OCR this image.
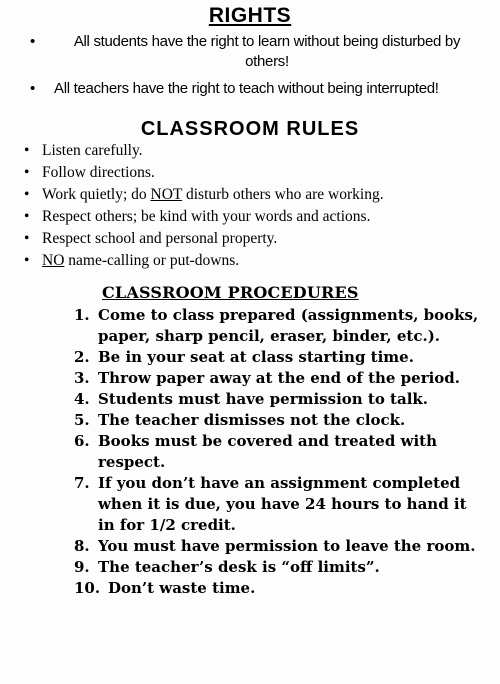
RIGHTS
•	All students have the right to learn without being disturbed by others!
•	All teachers have the right to teach without being interrupted!
CLASSROOM RULES
• Listen carefully.
• Follow directions.
• Work quietly; do NOT disturb others who are working.
• Respect others; be kind with your words and actions.
• Respect school and personal property.
• NO name-calling or put-downs.
CLASSROOM PROCEDURES
1. Come to class prepared (assignments, books, paper, sharp pencil, eraser, binder, etc.).
2. Be in your seat at class starting time.
3. Throw paper away at the end of the period.
4. Students must have permission to talk.
5. The teacher dismisses not the clock.
6. Books must be covered and treated with respect.
7. If you don’t have an assignment completed when it is due, you have 24 hours to hand it in for 1/2 credit.
8. You must have permission to leave the room.
9. The teacher’s desk is “off limits”.
10. Don’t waste time.
